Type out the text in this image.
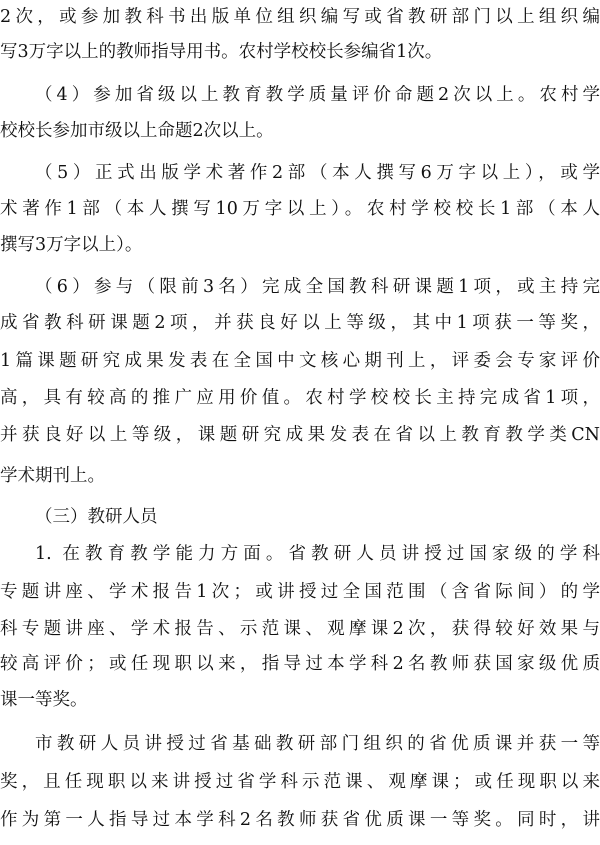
2次，或参加教科书出版单位组织编写或省教研部门以上组织编
写3万字以上的教师指导用书。农村学校校长参编省1次。
（4）参加省级以上教育教学质量评价命题2次以上。农村学
校校长参加市级以上命题2次以上。
（5）正式出版学术著作2部（本人撰写6万字以上），或学
术著作1部（本人撰写10万字以上）。农村学校校长1部（本人
撰写3万字以上）。
（6）参与（限前3名）完成全国教科研课题1项，或主持完
成省教科研课题2项，并获良好以上等级，其中1项获一等奖，
1篇课题研究成果发表在全国中文核心期刊上，评委会专家评价
高，具有较高的推广应用价值。农村学校校长主持完成省1项，
并获良好以上等级，课题研究成果发表在省以上教育教学类CN
学术期刊上。
（三）教研人员
1. 在教育教学能力方面。省教研人员讲授过国家级的学科
专题讲座、学术报告1次；或讲授过全国范围（含省际间）的学
科专题讲座、学术报告、示范课、观摩课2次，获得较好效果与
较高评价；或任现职以来，指导过本学科2名教师获国家级优质
课一等奖。
市教研人员讲授过省基础教研部门组织的省优质课并获一等
奖，且任现职以来讲授过省学科示范课、观摩课；或任现职以来
作为第一人指导过本学科2名教师获省优质课一等奖。同时，讲
